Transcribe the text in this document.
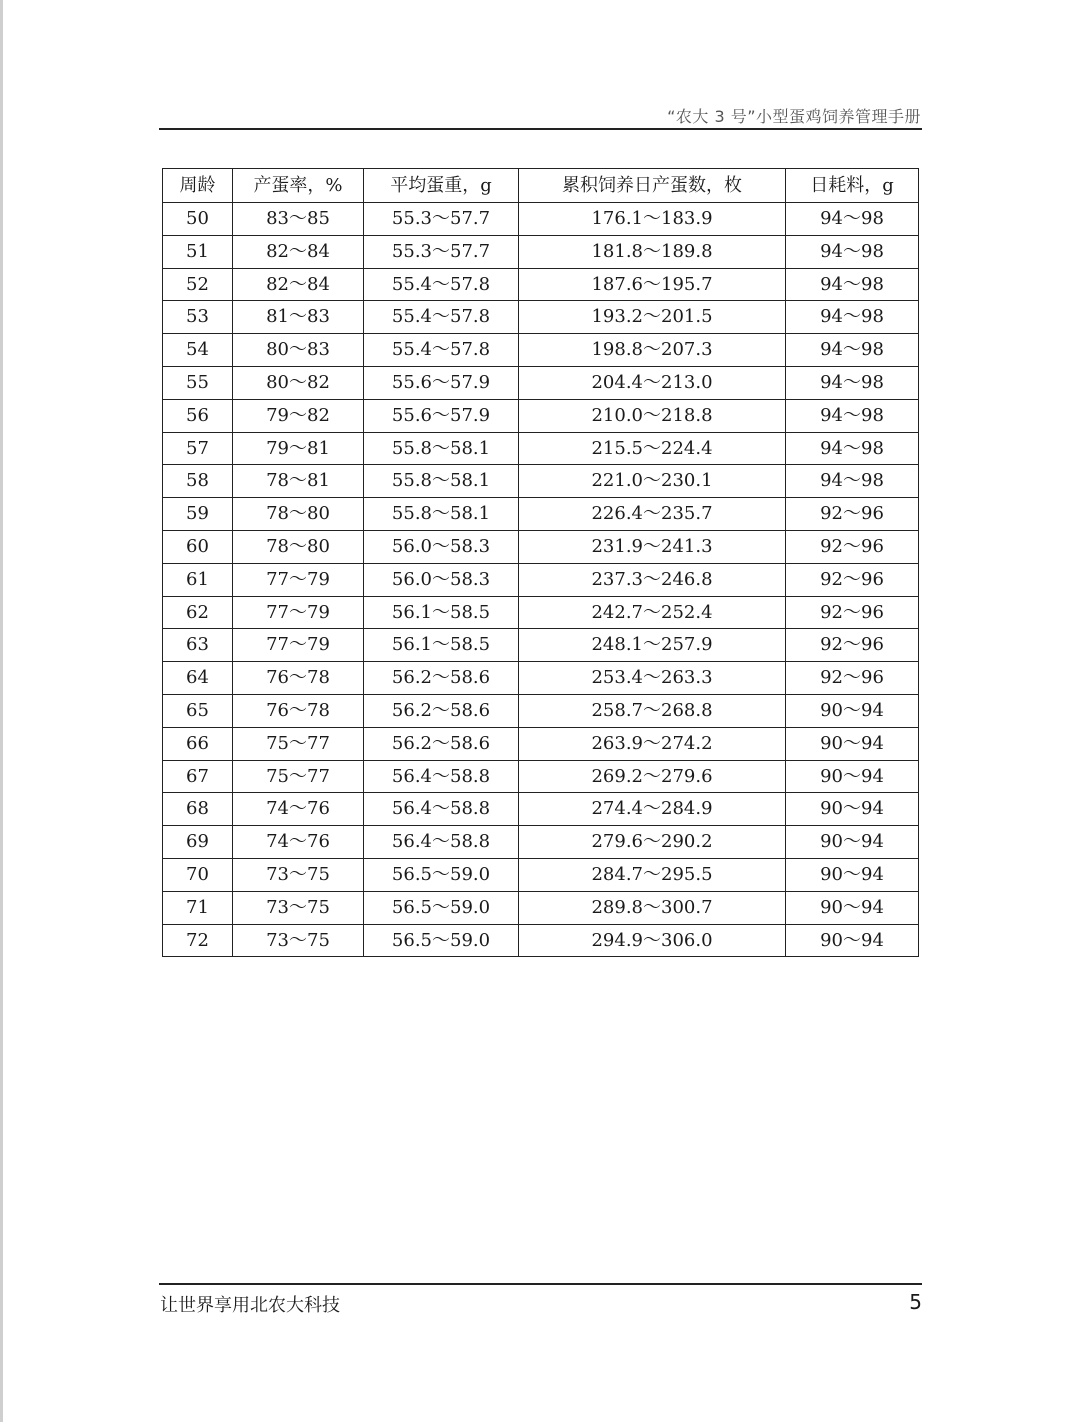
“农大 3 号”小型蛋鸡饲养管理手册
周龄	产蛋率，%	平均蛋重，g	累积饲养日产蛋数，枚	日耗料，g
50	83～85	55.3～57.7	176.1～183.9	94～98
51	82～84	55.3～57.7	181.8～189.8	94～98
52	82～84	55.4～57.8	187.6～195.7	94～98
53	81～83	55.4～57.8	193.2～201.5	94～98
54	80～83	55.4～57.8	198.8～207.3	94～98
55	80～82	55.6～57.9	204.4～213.0	94～98
56	79～82	55.6～57.9	210.0～218.8	94～98
57	79～81	55.8～58.1	215.5～224.4	94～98
58	78～81	55.8～58.1	221.0～230.1	94～98
59	78～80	55.8～58.1	226.4～235.7	92～96
60	78～80	56.0～58.3	231.9～241.3	92～96
61	77～79	56.0～58.3	237.3～246.8	92～96
62	77～79	56.1～58.5	242.7～252.4	92～96
63	77～79	56.1～58.5	248.1～257.9	92～96
64	76～78	56.2～58.6	253.4～263.3	92～96
65	76～78	56.2～58.6	258.7～268.8	90～94
66	75～77	56.2～58.6	263.9～274.2	90～94
67	75～77	56.4～58.8	269.2～279.6	90～94
68	74～76	56.4～58.8	274.4～284.9	90～94
69	74～76	56.4～58.8	279.6～290.2	90～94
70	73～75	56.5～59.0	284.7～295.5	90～94
71	73～75	56.5～59.0	289.8～300.7	90～94
72	73～75	56.5～59.0	294.9～306.0	90～94
让世界享用北农大科技	5
